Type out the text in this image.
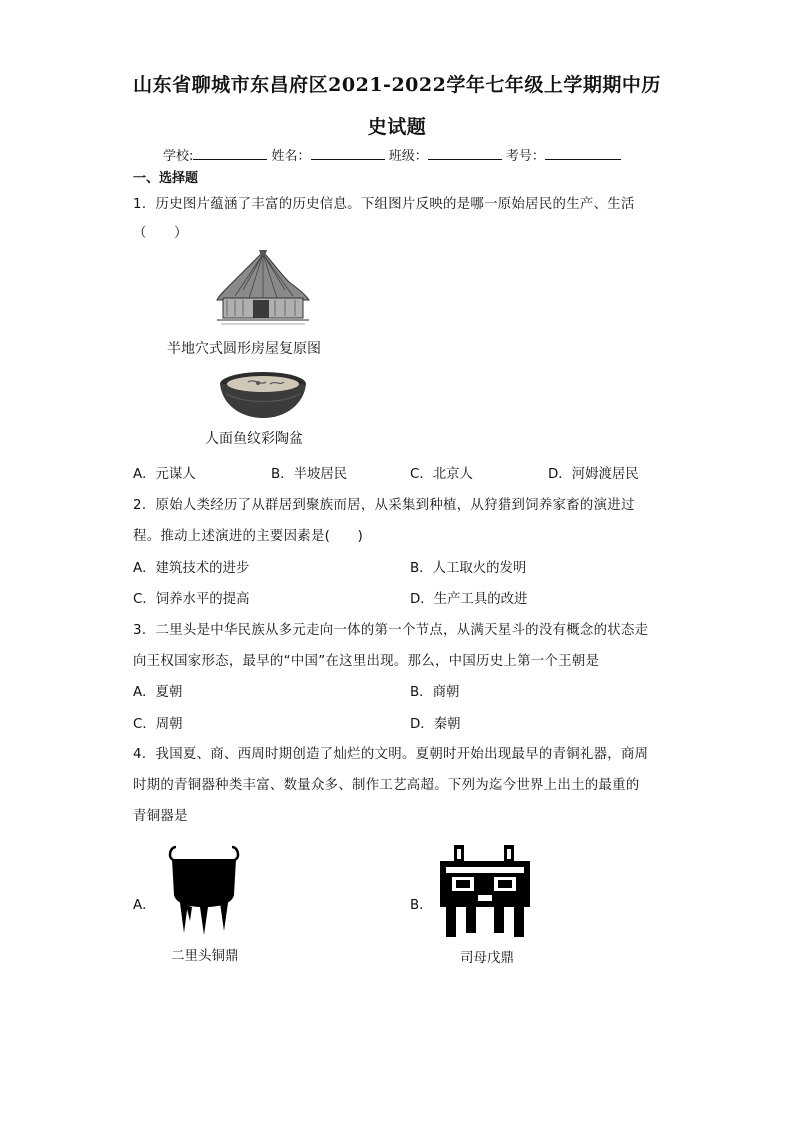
山东省聊城市东昌府区2021-2022学年七年级上学期期中历
史试题
学校:	姓名：	班级：	考号：
一、选择题
1．历史图片蕴涵了丰富的历史信息。下组图片反映的是哪一原始居民的生产、生活
（　　）
半地穴式圆形房屋复原图
人面鱼纹彩陶盆
A．元谋人	B．半坡居民	C．北京人	D．河姆渡居民
2．原始人类经历了从群居到聚族而居，从采集到种植，从狩猎到饲养家畜的演进过
程。推动上述演进的主要因素是(　　)
A．建筑技术的进步	B．人工取火的发明
C．饲养水平的提高	D．生产工具的改进
3．二里头是中华民族从多元走向一体的第一个节点，从满天星斗的没有概念的状态走
向王权国家形态，最早的“中国”在这里出现。那么，中国历史上第一个王朝是
A．夏朝	B．商朝
C．周朝	D．秦朝
4．我国夏、商、西周时期创造了灿烂的文明。夏朝时开始出现最早的青铜礼器，商周
时期的青铜器种类丰富、数量众多、制作工艺高超。下列为迄今世界上出土的最重的
青铜器是
A．
二里头铜鼎
B．
司母戊鼎
